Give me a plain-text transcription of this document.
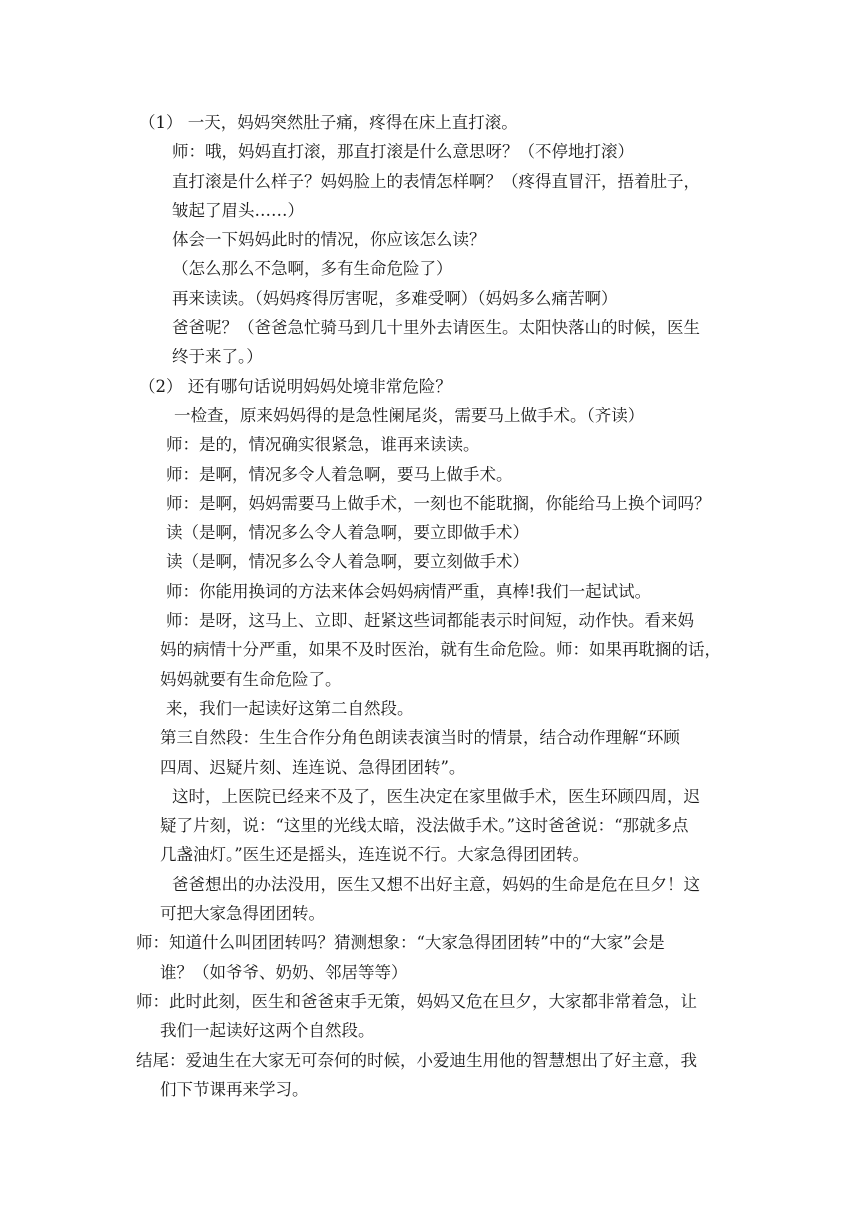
（1） 一天，妈妈突然肚子痛，疼得在床上直打滚。
师：哦，妈妈直打滚，那直打滚是什么意思呀？（不停地打滚）
直打滚是什么样子？妈妈脸上的表情怎样啊？（疼得直冒汗，捂着肚子，
皱起了眉头……）
体会一下妈妈此时的情况，你应该怎么读？
（怎么那么不急啊，多有生命危险了）
再来读读。（妈妈疼得厉害呢，多难受啊）（妈妈多么痛苦啊）
爸爸呢？（爸爸急忙骑马到几十里外去请医生。太阳快落山的时候，医生
终于来了。）
（2） 还有哪句话说明妈妈处境非常危险？
一检查，原来妈妈得的是急性阑尾炎，需要马上做手术。（齐读）
师：是的，情况确实很紧急，谁再来读读。
师：是啊，情况多令人着急啊，要马上做手术。
师：是啊，妈妈需要马上做手术，一刻也不能耽搁，你能给马上换个词吗？
读（是啊，情况多么令人着急啊，要立即做手术）
读（是啊，情况多么令人着急啊，要立刻做手术）
师：你能用换词的方法来体会妈妈病情严重，真棒!我们一起试试。
师：是呀，这马上、立即、赶紧这些词都能表示时间短，动作快。看来妈
妈的病情十分严重，如果不及时医治，就有生命危险。师：如果再耽搁的话，
妈妈就要有生命危险了。
来，我们一起读好这第二自然段。
第三自然段：生生合作分角色朗读表演当时的情景，结合动作理解“环顾
四周、迟疑片刻、连连说、急得团团转”。
这时，上医院已经来不及了，医生决定在家里做手术，医生环顾四周，迟
疑了片刻，说：“这里的光线太暗，没法做手术。”这时爸爸说：“那就多点
几盏油灯。”医生还是摇头，连连说不行。大家急得团团转。
爸爸想出的办法没用，医生又想不出好主意，妈妈的生命是危在旦夕！这
可把大家急得团团转。
师：知道什么叫团团转吗？猜测想象：“大家急得团团转”中的“大家”会是
谁？（如爷爷、奶奶、邻居等等）
师：此时此刻，医生和爸爸束手无策，妈妈又危在旦夕，大家都非常着急，让
我们一起读好这两个自然段。
结尾：爱迪生在大家无可奈何的时候，小爱迪生用他的智慧想出了好主意，我
们下节课再来学习。
